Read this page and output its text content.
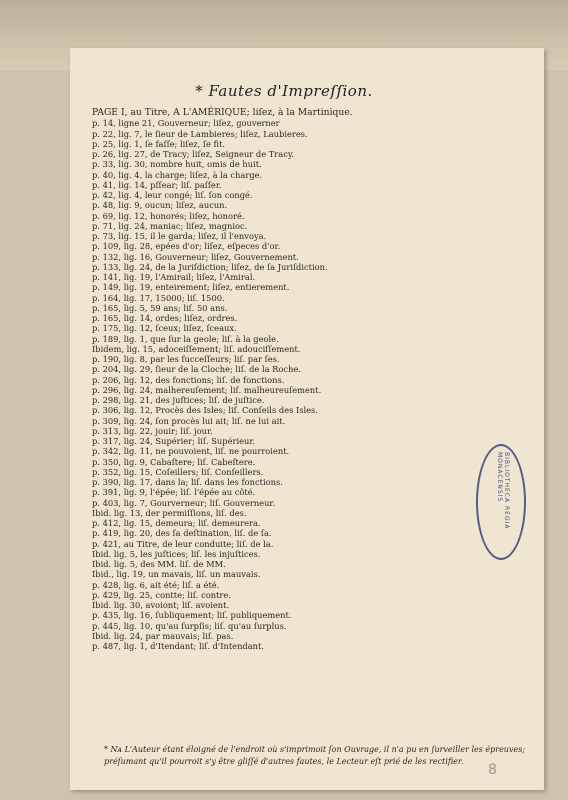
* Fautes d'Impreſſion.
PAGE I, au Titre, A L'AMÉRIQUE; liſez, à la Martinique.
p. 14, ligne 21, Gouverneur; liſez, gouverner
p. 22, lig. 7, le ſieur de Lambieres; liſez, Laubieres.
p. 25, lig. 1, ſe faſſe; liſez, ſe fit.
p. 26, lig. 27, de Tracy; liſez, Seigneur de Tracy.
p. 33, lig. 30, nombre huit, omis de huit.
p. 40, lig. 4, la charge; liſez, à la charge.
p. 41, lig. 14, pſſear; liſ. paſſer.
p. 42, lig. 4, leur congé; liſ. ſon congé.
p. 48, lig. 9, oucun; liſez, aucun.
p. 69, lig. 12, honorés; liſez, honoré.
p. 71, lig. 24, maniac; liſez, magnioc.
p. 73, lig. 15, il le garda; liſez, il l'envoya.
p. 109, lig. 28, epées d'or; liſez, eſpeces d'or.
p. 132, lig. 16, Gouverneur; liſez, Gouvernement.
p. 133, lig. 24, de la Juriſdiction; liſez, de ſa Juriſdiction.
p. 141, lig. 19, l'Amirail; liſez, l'Amiral.
p. 149, lig. 19, enteirement; liſez, entierement.
p. 164, lig. 17, 15000; liſ. 1500.
p. 165, lig. 5, 59 ans; liſ. 50 ans.
p. 165, lig. 14, ordes; liſez, ordres.
p. 175, lig. 12, ſceux; liſez, ſceaux.
p. 189, lig. 1, que ſur la geole; liſ. à la geole.
Ibidem, lig. 15, adoceiſſement; liſ. adouciſſement.
p. 190, lig. 8, par les ſucceſſeurs; liſ. par ſes.
p. 204, lig. 29, ſieur de la Cloche; liſ. de la Roche.
p. 206, lig. 12, des fonctions; liſ. de fonctions.
p. 296, lig. 24, malhereuſement; liſ. malheureuſement.
p. 298, lig. 21, des juſtices; liſ. de juſtice.
p. 306, lig. 12, Procès des Isles; liſ. Conſeils des Isles.
p. 309, lig. 24, ſon procès lui ait; liſ. ne lui ait.
p. 313, lig. 22, jouir; liſ. jour.
p. 317, lig. 24, Supérier; liſ. Supérieur.
p. 342, lig. 11, ne pouvoient, liſ. ne pourroient.
p. 350, lig. 9, Cabaſtere; liſ. Cabeſtere.
p. 352, lig. 15, Coſeillers; liſ. Conſeillers.
p. 390, lig. 17, dans la; liſ. dans les fonctions.
p. 391, lig. 9, l'épée; liſ. l'épée au côté.
p. 403, lig. 7, Gourverneur; liſ. Gouverneur.
Ibid. lig. 13, der permiſſions, liſ. des.
p. 412, lig. 15, demeura; liſ. demeurera.
p. 419, lig. 20, des ſa deſtination, liſ. de ſa.
p. 421, au Titre, de leur conduite; liſ. de la.
Ibid. lig. 5, les juſtices; liſ. les injuſtices.
Ibid. lig. 5, des MM. liſ. de MM.
Ibid., lig. 19, un mavais, liſ. un mauvais.
p. 428, lig. 6, ait été; liſ. a été.
p. 429, lig. 25, contte; liſ. contre.
Ibid. lig. 30, avoiont; liſ. avoient.
p. 435, lig. 16, ſubliquement; liſ. publiquement.
p. 445, lig. 10, qu'au ſurpſis; liſ. qu'au ſurplus.
Ibid. lig. 24, par mauvais; liſ. pas.
p. 487, lig. 1, d'Itendant; liſ. d'Intendant.
BIBLIOTHECA REGIA MONACENSIS
* Nᴀ L'Auteur étant éloigné de l'endroit où s'imprimoit ſon Ouvrage, il n'a pu en ſurveiller les épreuves; préſumant qu'il pourroit s'y être gliſſé d'autres fautes, le Lecteur eſt prié de les rectifier.
8
